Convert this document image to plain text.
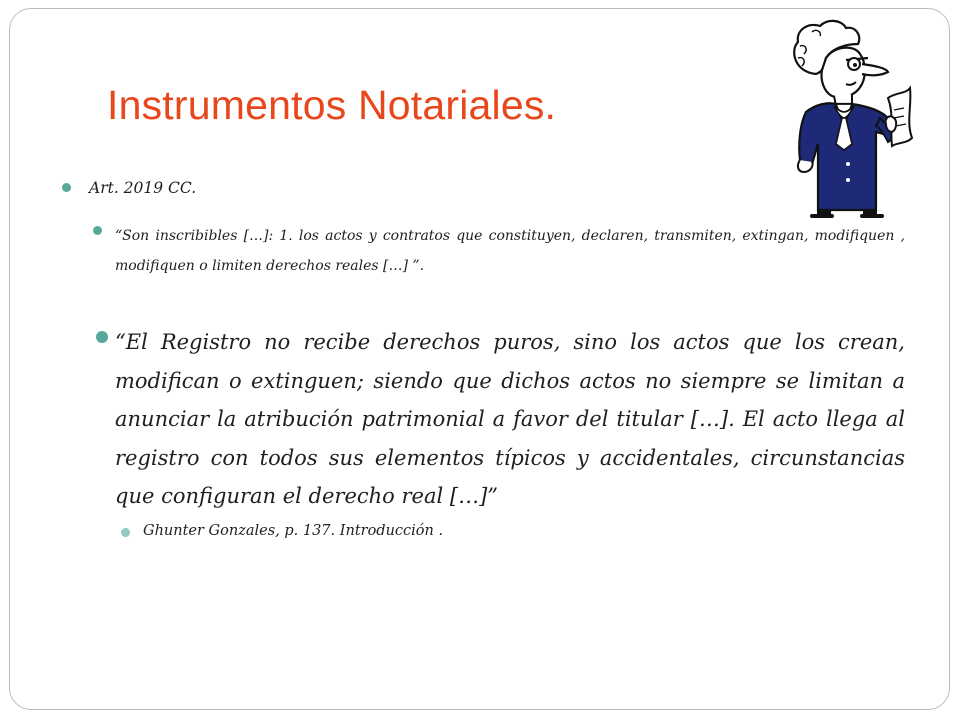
Instrumentos Notariales.
Art. 2019 CC.
“Son inscribibles […]: 1. los actos y contratos que constituyen, declaren, transmiten, extingan, modifiquen , modifiquen o limiten derechos reales […] ”.
“El Registro no recibe derechos puros, sino los actos que los crean, modifican o extinguen; siendo que dichos actos no siempre se limitan a anunciar la atribución patrimonial a favor del titular […]. El acto llega al registro con todos sus elementos típicos y accidentales, circunstancias que configuran el derecho real […]”
Ghunter Gonzales, p. 137. Introducción .
